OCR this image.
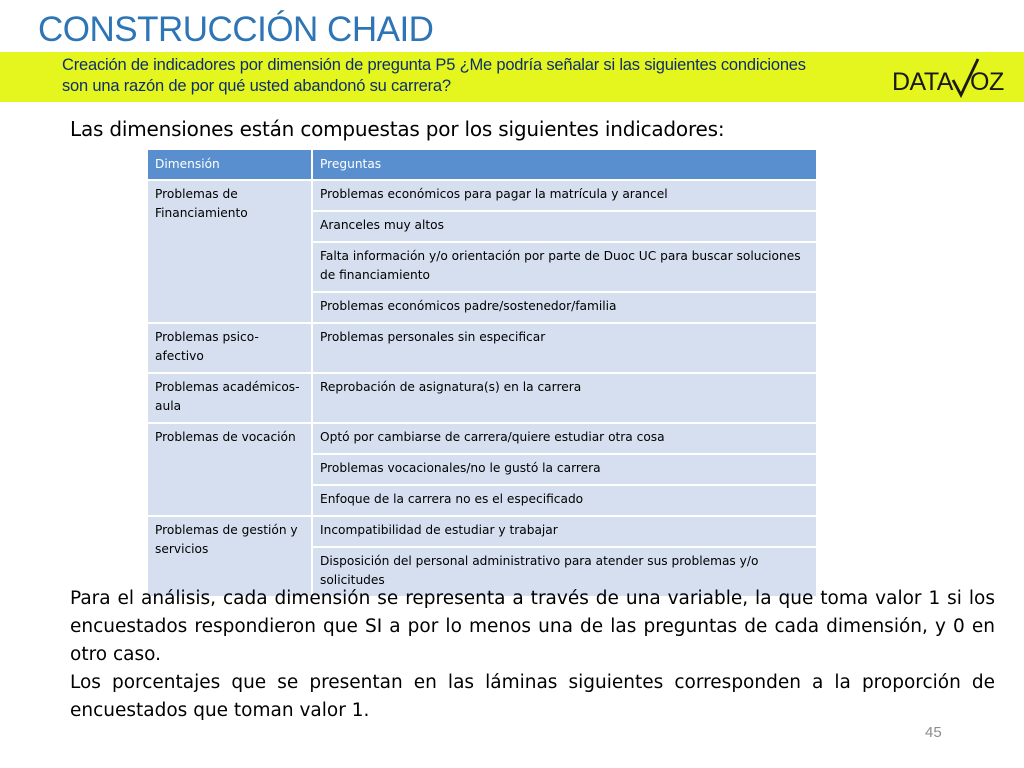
CONSTRUCCIÓN CHAID

Creación de indicadores por dimensión de pregunta P5 ¿Me podría señalar si las siguientes condiciones
son una razón de por qué usted abandonó su carrera?	DATA OZ

Las dimensiones están compuestas por los siguientes indicadores:

Dimensión	Preguntas
Problemas de Financiamiento	Problemas económicos para pagar la matrícula y arancel
	Aranceles muy altos
	Falta información y/o orientación por parte de Duoc UC para buscar soluciones de financiamiento
	Problemas económicos padre/sostenedor/familia
Problemas psico-afectivo	Problemas personales sin especificar
Problemas académicos-aula	Reprobación de asignatura(s) en la carrera
Problemas de vocación	Optó por cambiarse de carrera/quiere estudiar otra cosa
	Problemas vocacionales/no le gustó la carrera
	Enfoque de la carrera no es el especificado
Problemas de gestión y servicios	Incompatibilidad de estudiar y trabajar
	Disposición del personal administrativo para atender sus problemas y/o solicitudes

Para el análisis, cada dimensión se representa a través de una variable, la que toma valor 1 si los encuestados respondieron que SI a por lo menos una de las preguntas de cada dimensión, y 0 en otro caso.

Los porcentajes que se presentan en las láminas siguientes corresponden a la proporción de encuestados que toman valor 1.

45
